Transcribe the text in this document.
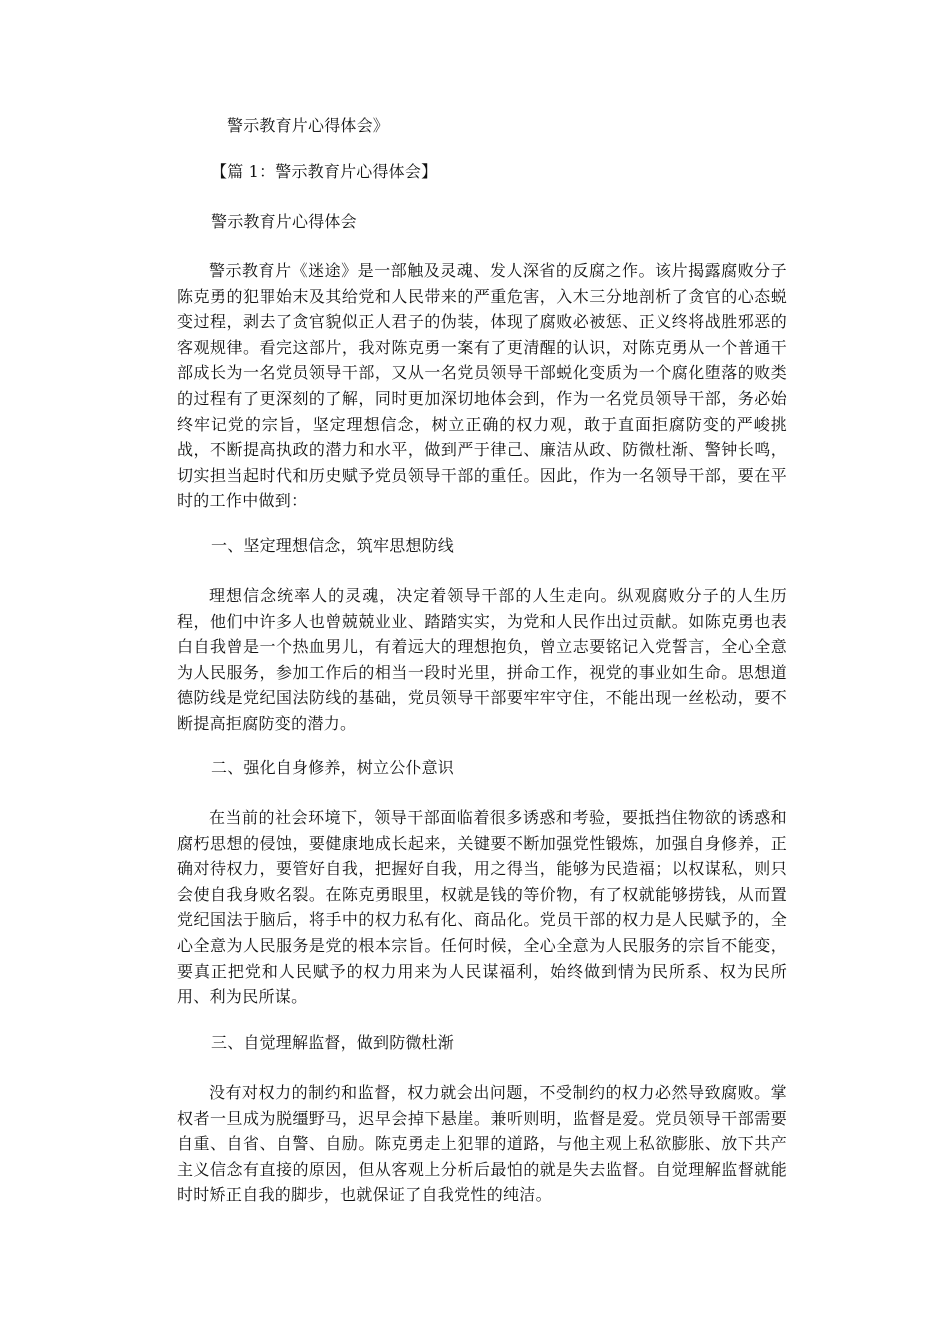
警示教育片心得体会》
【篇 1：警示教育片心得体会】
警示教育片心得体会

警示教育片《迷途》是一部触及灵魂、发人深省的反腐之作。该片揭露腐败分子陈克勇的犯罪始末及其给党和人民带来的严重危害，入木三分地剖析了贪官的心态蜕变过程，剥去了贪官貌似正人君子的伪装，体现了腐败必被惩、正义终将战胜邪恶的客观规律。看完这部片，我对陈克勇一案有了更清醒的认识，对陈克勇从一个普通干部成长为一名党员领导干部，又从一名党员领导干部蜕化变质为一个腐化堕落的败类的过程有了更深刻的了解，同时更加深切地体会到，作为一名党员领导干部，务必始终牢记党的宗旨，坚定理想信念，树立正确的权力观，敢于直面拒腐防变的严峻挑战，不断提高执政的潜力和水平，做到严于律己、廉洁从政、防微杜渐、警钟长鸣，切实担当起时代和历史赋予党员领导干部的重任。因此，作为一名领导干部，要在平时的工作中做到：

一、坚定理想信念，筑牢思想防线

理想信念统率人的灵魂，决定着领导干部的人生走向。纵观腐败分子的人生历程，他们中许多人也曾兢兢业业、踏踏实实，为党和人民作出过贡献。如陈克勇也表白自我曾是一个热血男儿，有着远大的理想抱负，曾立志要铭记入党誓言，全心全意为人民服务，参加工作后的相当一段时光里，拼命工作，视党的事业如生命。思想道德防线是党纪国法防线的基础，党员领导干部要牢牢守住，不能出现一丝松动，要不断提高拒腐防变的潜力。

二、强化自身修养，树立公仆意识

在当前的社会环境下，领导干部面临着很多诱惑和考验，要抵挡住物欲的诱惑和腐朽思想的侵蚀，要健康地成长起来，关键要不断加强党性锻炼，加强自身修养，正确对待权力，要管好自我，把握好自我，用之得当，能够为民造福；以权谋私，则只会使自我身败名裂。在陈克勇眼里，权就是钱的等价物，有了权就能够捞钱，从而置党纪国法于脑后，将手中的权力私有化、商品化。党员干部的权力是人民赋予的，全心全意为人民服务是党的根本宗旨。任何时候，全心全意为人民服务的宗旨不能变，要真正把党和人民赋予的权力用来为人民谋福利，始终做到情为民所系、权为民所用、利为民所谋。

三、自觉理解监督，做到防微杜渐

没有对权力的制约和监督，权力就会出问题，不受制约的权力必然导致腐败。掌权者一旦成为脱缰野马，迟早会掉下悬崖。兼听则明，监督是爱。党员领导干部需要自重、自省、自警、自励。陈克勇走上犯罪的道路，与他主观上私欲膨胀、放下共产主义信念有直接的原因，但从客观上分析后最怕的就是失去监督。自觉理解监督就能时时矫正自我的脚步，也就保证了自我党性的纯洁。
